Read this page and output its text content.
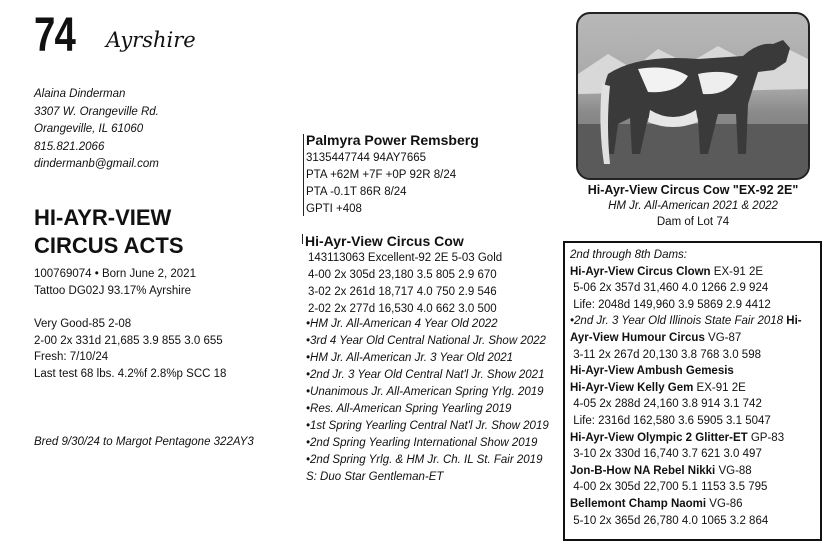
74 Ayrshire
Alaina Dinderman
3307 W. Orangeville Rd.
Orangeville, IL 61060
815.821.2066
dindermanb@gmail.com
HI-AYR-VIEW
CIRCUS ACTS
100769074 • Born June 2, 2021
Tattoo DG02J 93.17% Ayrshire
Very Good-85 2-08
2-00 2x 331d 21,685 3.9 855 3.0 655
Fresh: 7/10/24
Last test 68 lbs. 4.2%f 2.8%p SCC 18
Bred 9/30/24 to Margot Pentagone 322AY3
Palmyra Power Remsberg
3135447744 94AY7665
PTA +62M +7F +0P 92R 8/24
PTA -0.1T 86R 8/24
GPTI +408
Hi-Ayr-View Circus Cow
143113063 Excellent-92 2E 5-03 Gold
4-00 2x 305d 23,180 3.5 805 2.9 670
3-02 2x 261d 18,717 4.0 750 2.9 546
2-02 2x 277d 16,530 4.0 662 3.0 500
•HM Jr. All-American 4 Year Old 2022
•3rd 4 Year Old Central National Jr. Show 2022
•HM Jr. All-American Jr. 3 Year Old 2021
•2nd Jr. 3 Year Old Central Nat'l Jr. Show 2021
•Unanimous Jr. All-American Spring Yrlg. 2019
•Res. All-American Spring Yearling 2019
•1st Spring Yearling Central Nat'l Jr. Show 2019
•2nd Spring Yearling International Show 2019
•2nd Spring Yrlg. & HM Jr. Ch. IL St. Fair 2019
S: Duo Star Gentleman-ET
Hi-Ayr-View Circus Cow "EX-92 2E"
HM Jr. All-American 2021 & 2022
Dam of Lot 74
2nd through 8th Dams:
Hi-Ayr-View Circus Clown EX-91 2E
5-06 2x 357d 31,460 4.0 1266 2.9 924
Life: 2048d 149,960 3.9 5869 2.9 4412
•2nd Jr. 3 Year Old Illinois State Fair 2018 Hi-
Ayr-View Humour Circus VG-87
3-11 2x 267d 20,130 3.8 768 3.0 598
Hi-Ayr-View Ambush Gemesis
Hi-Ayr-View Kelly Gem EX-91 2E
4-05 2x 288d 24,160 3.8 914 3.1 742
Life: 2316d 162,580 3.6 5905 3.1 5047
Hi-Ayr-View Olympic 2 Glitter-ET GP-83
3-10 2x 330d 16,740 3.7 621 3.0 497
Jon-B-How NA Rebel Nikki VG-88
4-00 2x 305d 22,700 5.1 1153 3.5 795
Bellemont Champ Naomi VG-86
5-10 2x 365d 26,780 4.0 1065 3.2 864
